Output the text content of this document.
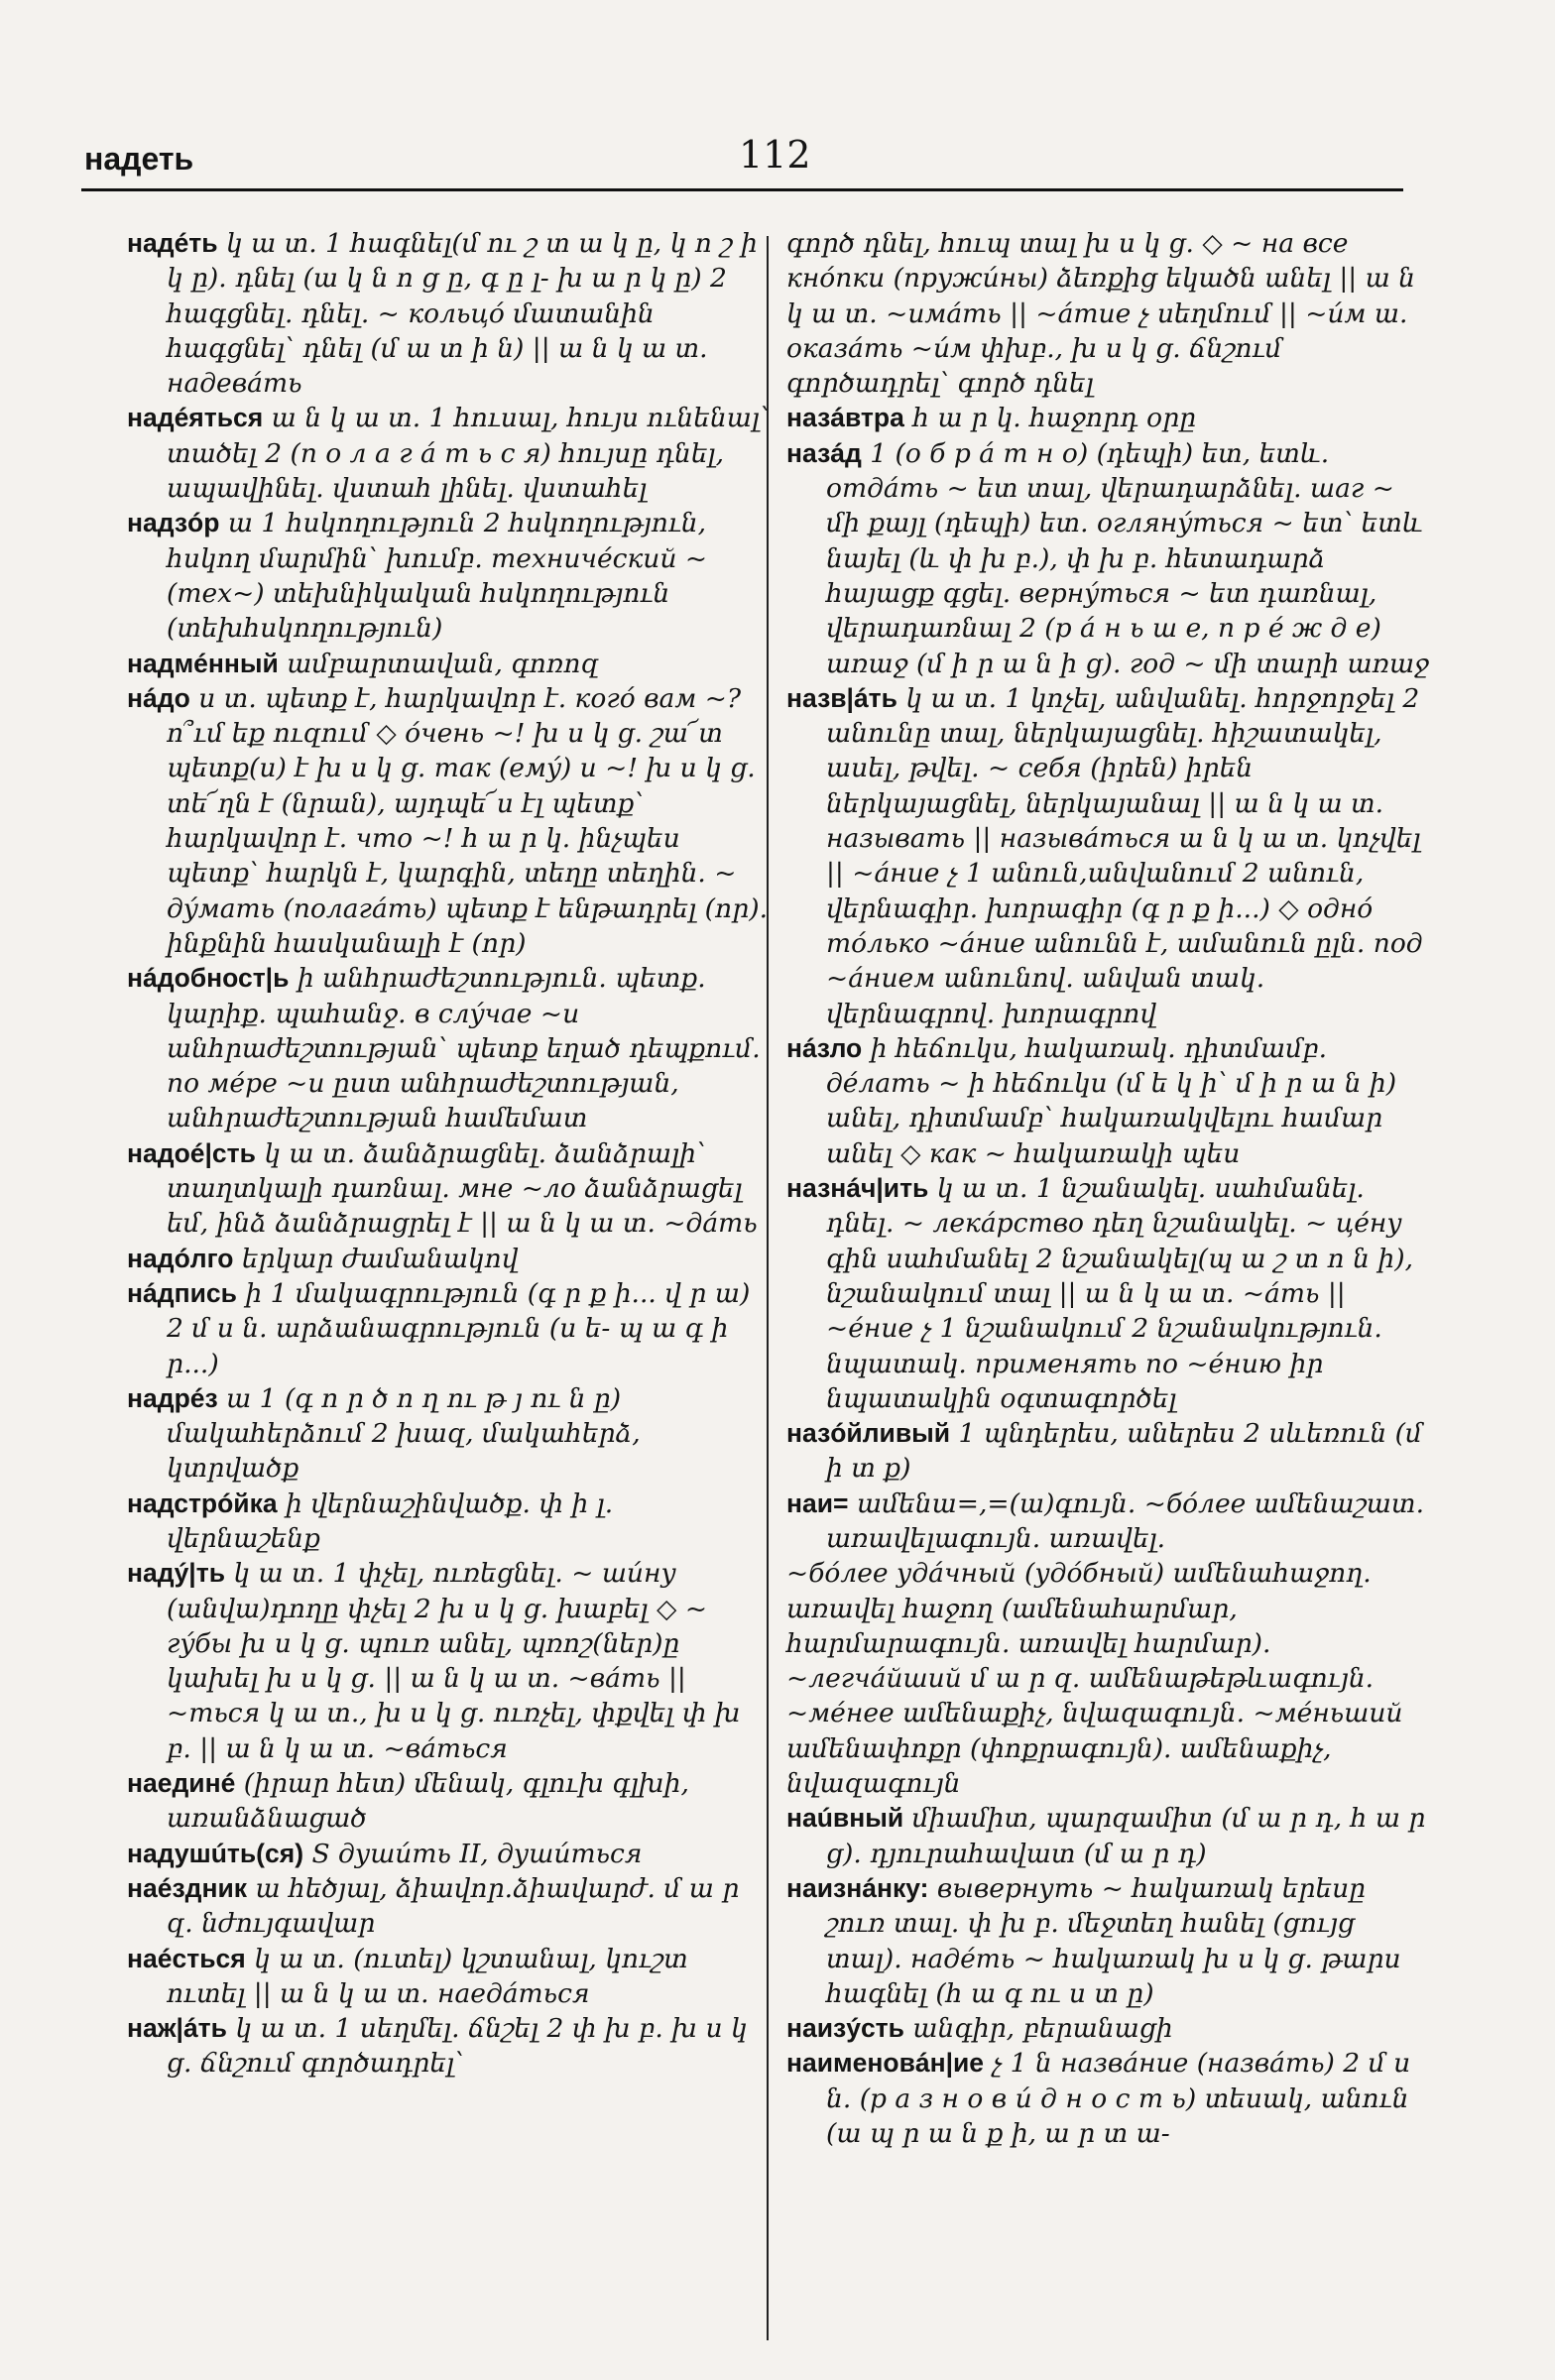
надеть	112

надéть կ ա տ. 1 հագնել(մ ու շ տ ա կ ը, կ ո շ ի կ ը). դնել (ա կ ն ո ց ը, գ ը լ- խ ա ր կ ը) 2 հագցնել. դնել. ~ кольцó մատանին հագցնել՝ դնել (մ ա տ ի ն) || ա ն կ ա տ. надевáть

надéяться ա ն կ ա տ. 1 հուսալ, հույս ունենալ՝ տածել 2 (п о л а г á т ь с я) հույսը դնել, ապավինել. վստահ լինել. վստահել

надзóр ա 1 հսկողություն 2 հսկողություն, հսկող մարմին՝ խումբ. техничéский ~ (тех~) տեխնիկական հսկողություն (տեխհսկողություն)

надмéнный ամբարտավան, գոռոզ

нáдо ս տ. պետք է, հարկավոր է. когó вам ~? ո՞ւմ եք ուզում ◇ óчень ~! խ ս կ ց. շա՜տ պետք(ս) է խ ս կ ց. так (емý) и ~! խ ս կ ց. տե՜ղն է (նրան), այդպե՜ս էլ պետք՝ հարկավոր է. что ~! հ ա ր կ. ինչպես պետք՝ հարկն է, կարգին, տեղը տեղին. ~ дýмать (полагáть) պետք է ենթադրել (որ). ինքնին հասկանալի է (որ)

нáдобност|ь ի անհրաժեշտություն. պետք. կարիք. պահանջ. в слýчае ~и անհրաժեշտության՝ պետք եղած դեպքում. по мéре ~и ըստ անհրաժեշտության, անհրաժեշտության համեմատ

надоé|сть կ ա տ. ձանձրացնել. ձանձրալի՝ տաղտկալի դառնալ. мне ~ло ձանձրացել եմ, ինձ ձանձրացրել է || ա ն կ ա տ. ~дáть

надóлго երկար ժամանակով

нáдпись ի 1 մակագրություն (գ ր ք ի... վ ր ա) 2 մ ս ն. արձանագրություն (ս ե- պ ա գ ի ր...)

надрéз ա 1 (գ ո ր ծ ո ղ ու թ յ ու ն ը) մակահերձում 2 խազ, մակահերձ, կտրվածք

надстрóйка ի վերնաշինվածք. փ ի լ. վերնաշենք

надý|ть կ ա տ. 1 փչել, ուռեցնել. ~ шúну (անվա)դողը փչել 2 խ ս կ ց. խաբել ◇ ~ гýбы խ ս կ ց. պուռ անել, պռոշ(ներ)ը կախել խ ս կ ց. || ա ն կ ա տ. ~вáть || ~ться կ ա տ., խ ս կ ց. ուռչել, փքվել փ խ բ. || ա ն կ ա տ. ~вáться

наединé (իրար հետ) մենակ, գլուխ գլխի, առանձնացած

надушúть(ся) S душúть II, душúться

наéздник ա հեծյալ, ձիավոր.ձիավարժ. մ ա ր զ. նժույգավար

наéсться կ ա տ. (ուտել) կշտանալ, կուշտ ուտել || ա ն կ ա տ. наедáться

наж|áть կ ա տ. 1 սեղմել. ճնշել 2 փ խ բ. խ ս կ ց. ճնշում գործադրել՝

գործ դնել, հուպ տալ խ ս կ ց. ◇ ~ на все кнóпки (пружúны) ձեռքից եկածն անել || ա ն կ ա տ. ~имáть || ~áтие չ սեղմում || ~úм ա. оказáть ~úм փխբ., խ ս կ ց. ճնշում գործադրել՝ գործ դնել

назáвтра հ ա ր կ. հաջորդ օրը

назáд 1 (о б р á т н о) (դեպի) ետ, ետև. отдáть ~ ետ տալ, վերադարձնել. шаг ~ մի քայլ (դեպի) ետ. оглянýться ~ ետ՝ ետև նայել (և փ խ բ.), փ խ բ. հետադարձ հայացք գցել. вернýться ~ ետ դառնալ, վերադառնալ 2 (р á н ь ш е, п р é ж д е) առաջ (մ ի ր ա ն ի ց). год ~ մի տարի առաջ

назв|áть կ ա տ. 1 կոչել, անվանել. հորջորջել 2 անունը տալ, ներկայացնել. հիշատակել, ասել, թվել. ~ себя (իրեն) իրեն ներկայացնել, ներկայանալ || ա ն կ ա տ. называть || назывáться ա ն կ ա տ. կոչվել || ~áние չ 1 անուն,անվանում 2 անուն, վերնագիր. խորագիր (գ ր ք ի...) ◇ однó тóлько ~áние անունն է, ամանուն ըլն. под ~áнием անունով. անվան տակ. վերնագրով. խորագրով

нáзло ի հեճուկս, հակառակ. դիտմամբ. дéлать ~ ի հեճուկս (մ ե կ ի՝ մ ի ր ա ն ի) անել, դիտմամբ՝ հակառակվելու համար անել ◇ как ~ հակառակի պես

назнáч|ить կ ա տ. 1 նշանակել. սահմանել. դնել. ~ лекáрство դեղ նշանակել. ~ цéну գին սահմանել 2 նշանակել(պ ա շ տ ո ն ի), նշանակում տալ || ա ն կ ա տ. ~áть || ~éние չ 1 նշանակում 2 նշանակություն. նպատակ. применять по ~éнию իր նպատակին օգտագործել

назóйливый 1 պնդերես, աներես 2 սևեռուն (մ ի տ ք)

наи= ամենա=,=(ա)գույն. ~бóлее ամենաշատ. առավելագույն. առավել.

~бóлее удáчный (удóбный) ամենահաջող. առավել հաջող (ամենահարմար, հարմարագույն. առավել հարմար). ~легчáйший մ ա ր զ. ամենաթեթևագույն. ~мéнее ամենաքիչ, նվազագույն. ~мéньший ամենափոքր (փոքրագույն). ամենաքիչ, նվազագույն

наúвный միամիտ, պարզամիտ (մ ա ր դ, հ ա ր ց). դյուրահավատ (մ ա ր դ)

наизнáнку: вывернуть ~ հակառակ երեսը շուռ տալ. փ խ բ. մեջտեղ հանել (ցույց տալ). надéть ~ հակառակ խ ս կ ց. թարս հագնել (հ ա գ ու ս տ ը)

наизýсть անգիր, բերանացի

наименовáн|ие չ 1 ն назвáние (назвáть) 2 մ ս ն. (р а з н о в и́ д н о с т ь) տեսակ, անուն (ա պ ր ա ն ք ի, ա ր տ ա-
